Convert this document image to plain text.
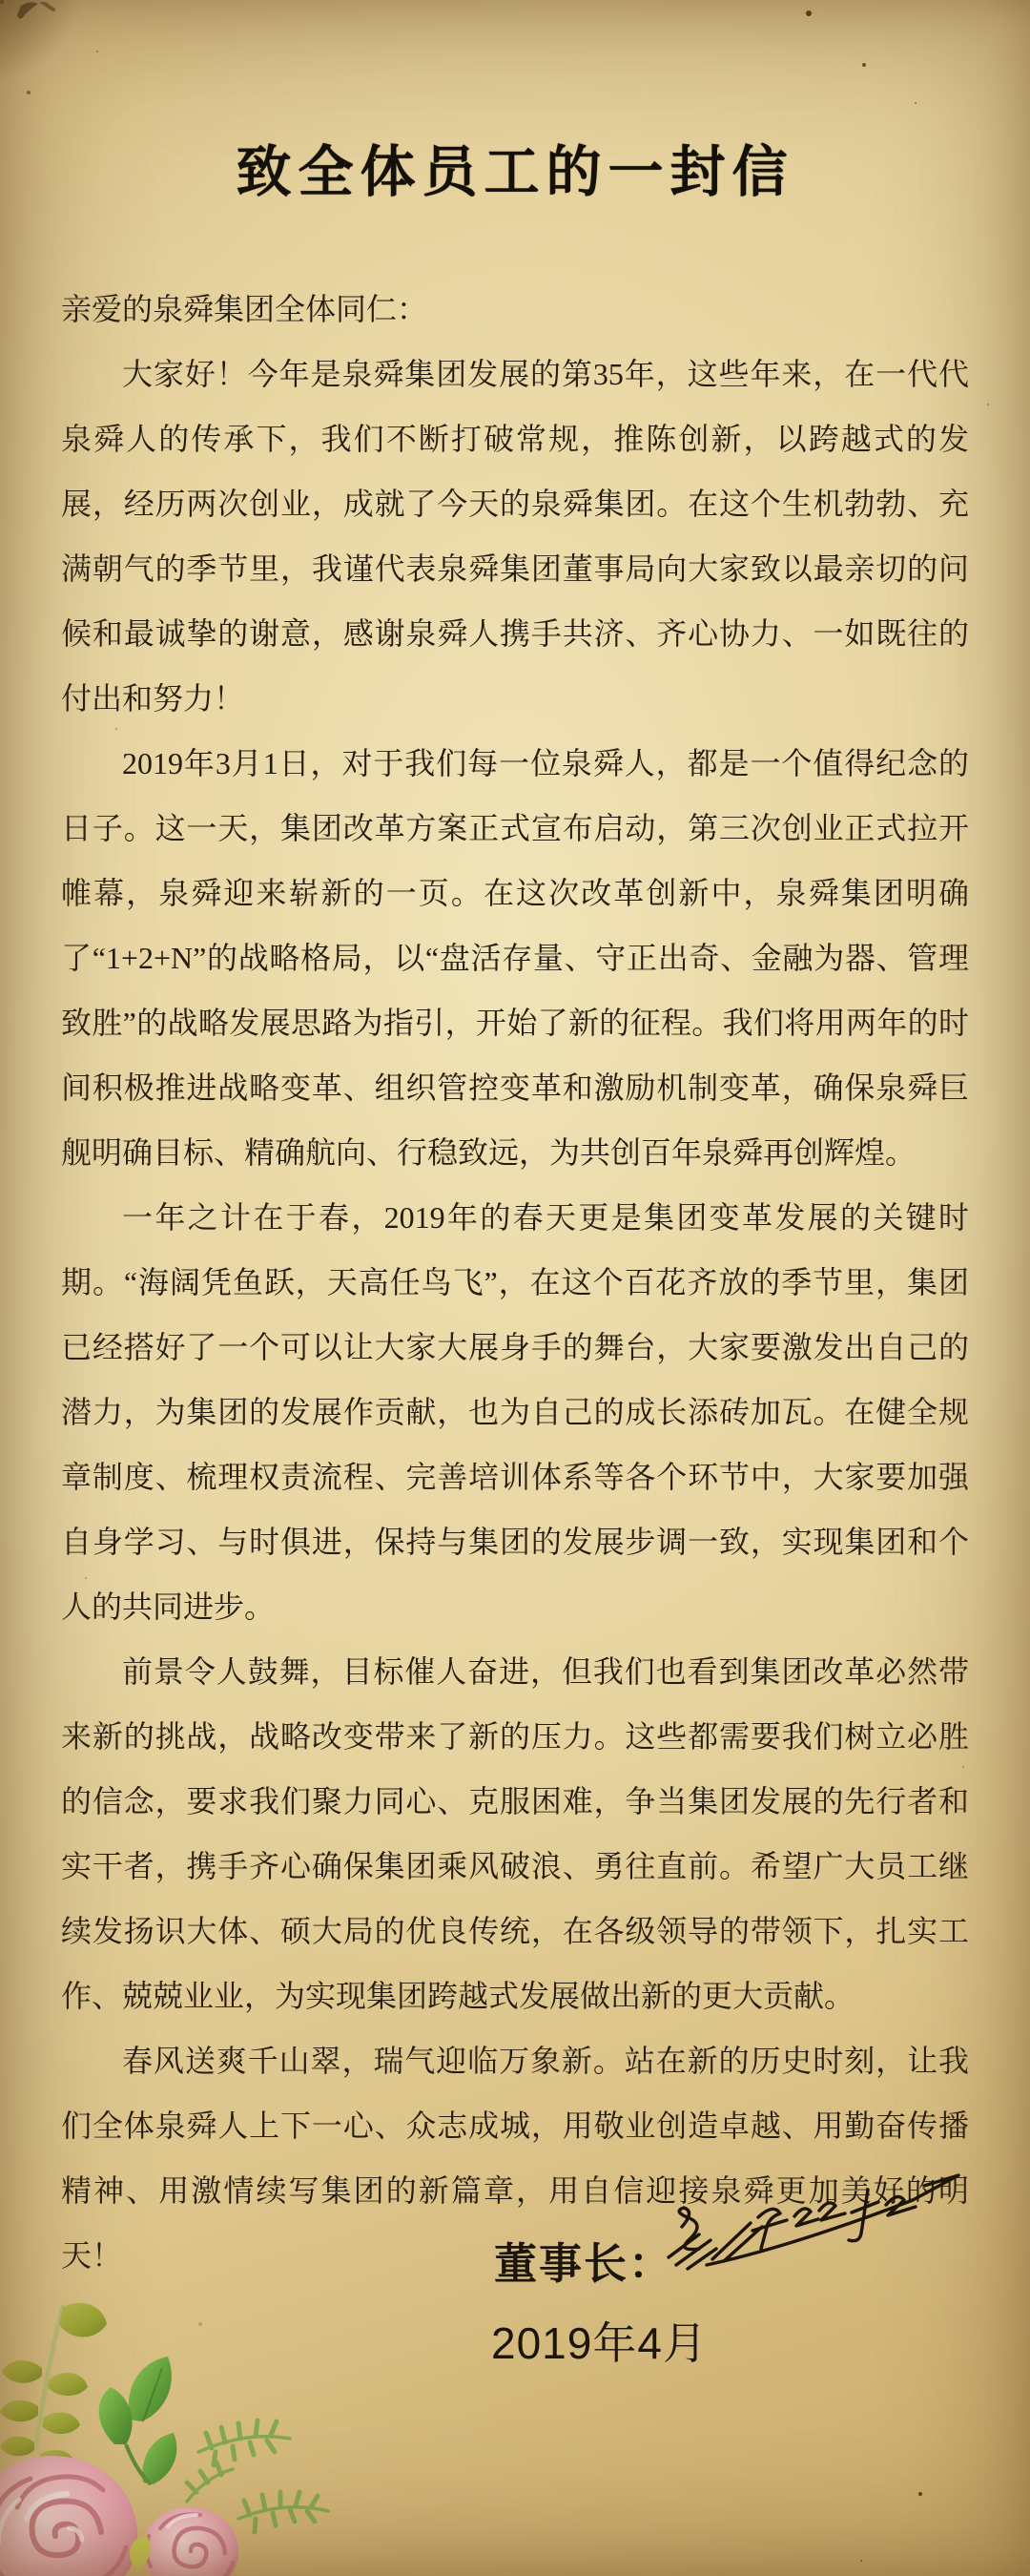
致全体员工的一封信

亲爱的泉舜集团全体同仁：

大家好！今年是泉舜集团发展的第35年，这些年来，在一代代泉舜人的传承下，我们不断打破常规，推陈创新，以跨越式的发展，经历两次创业，成就了今天的泉舜集团。在这个生机勃勃、充满朝气的季节里，我谨代表泉舜集团董事局向大家致以最亲切的问候和最诚挚的谢意，感谢泉舜人携手共济、齐心协力、一如既往的付出和努力！

2019年3月1日，对于我们每一位泉舜人，都是一个值得纪念的日子。这一天，集团改革方案正式宣布启动，第三次创业正式拉开帷幕，泉舜迎来崭新的一页。在这次改革创新中，泉舜集团明确了“1+2+N”的战略格局，以“盘活存量、守正出奇、金融为器、管理致胜”的战略发展思路为指引，开始了新的征程。我们将用两年的时间积极推进战略变革、组织管控变革和激励机制变革，确保泉舜巨舰明确目标、精确航向、行稳致远，为共创百年泉舜再创辉煌。

一年之计在于春，2019年的春天更是集团变革发展的关键时期。“海阔凭鱼跃，天高任鸟飞”，在这个百花齐放的季节里，集团已经搭好了一个可以让大家大展身手的舞台，大家要激发出自己的潜力，为集团的发展作贡献，也为自己的成长添砖加瓦。在健全规章制度、梳理权责流程、完善培训体系等各个环节中，大家要加强自身学习、与时俱进，保持与集团的发展步调一致，实现集团和个人的共同进步。

前景令人鼓舞，目标催人奋进，但我们也看到集团改革必然带来新的挑战，战略改变带来了新的压力。这些都需要我们树立必胜的信念，要求我们聚力同心、克服困难，争当集团发展的先行者和实干者，携手齐心确保集团乘风破浪、勇往直前。希望广大员工继续发扬识大体、硕大局的优良传统，在各级领导的带领下，扎实工作、兢兢业业，为实现集团跨越式发展做出新的更大贡献。

春风送爽千山翠，瑞气迎临万象新。站在新的历史时刻，让我们全体泉舜人上下一心、众志成城，用敬业创造卓越、用勤奋传播精神、用激情续写集团的新篇章，用自信迎接泉舜更加美好的明天！	董事长：
2019年4月
